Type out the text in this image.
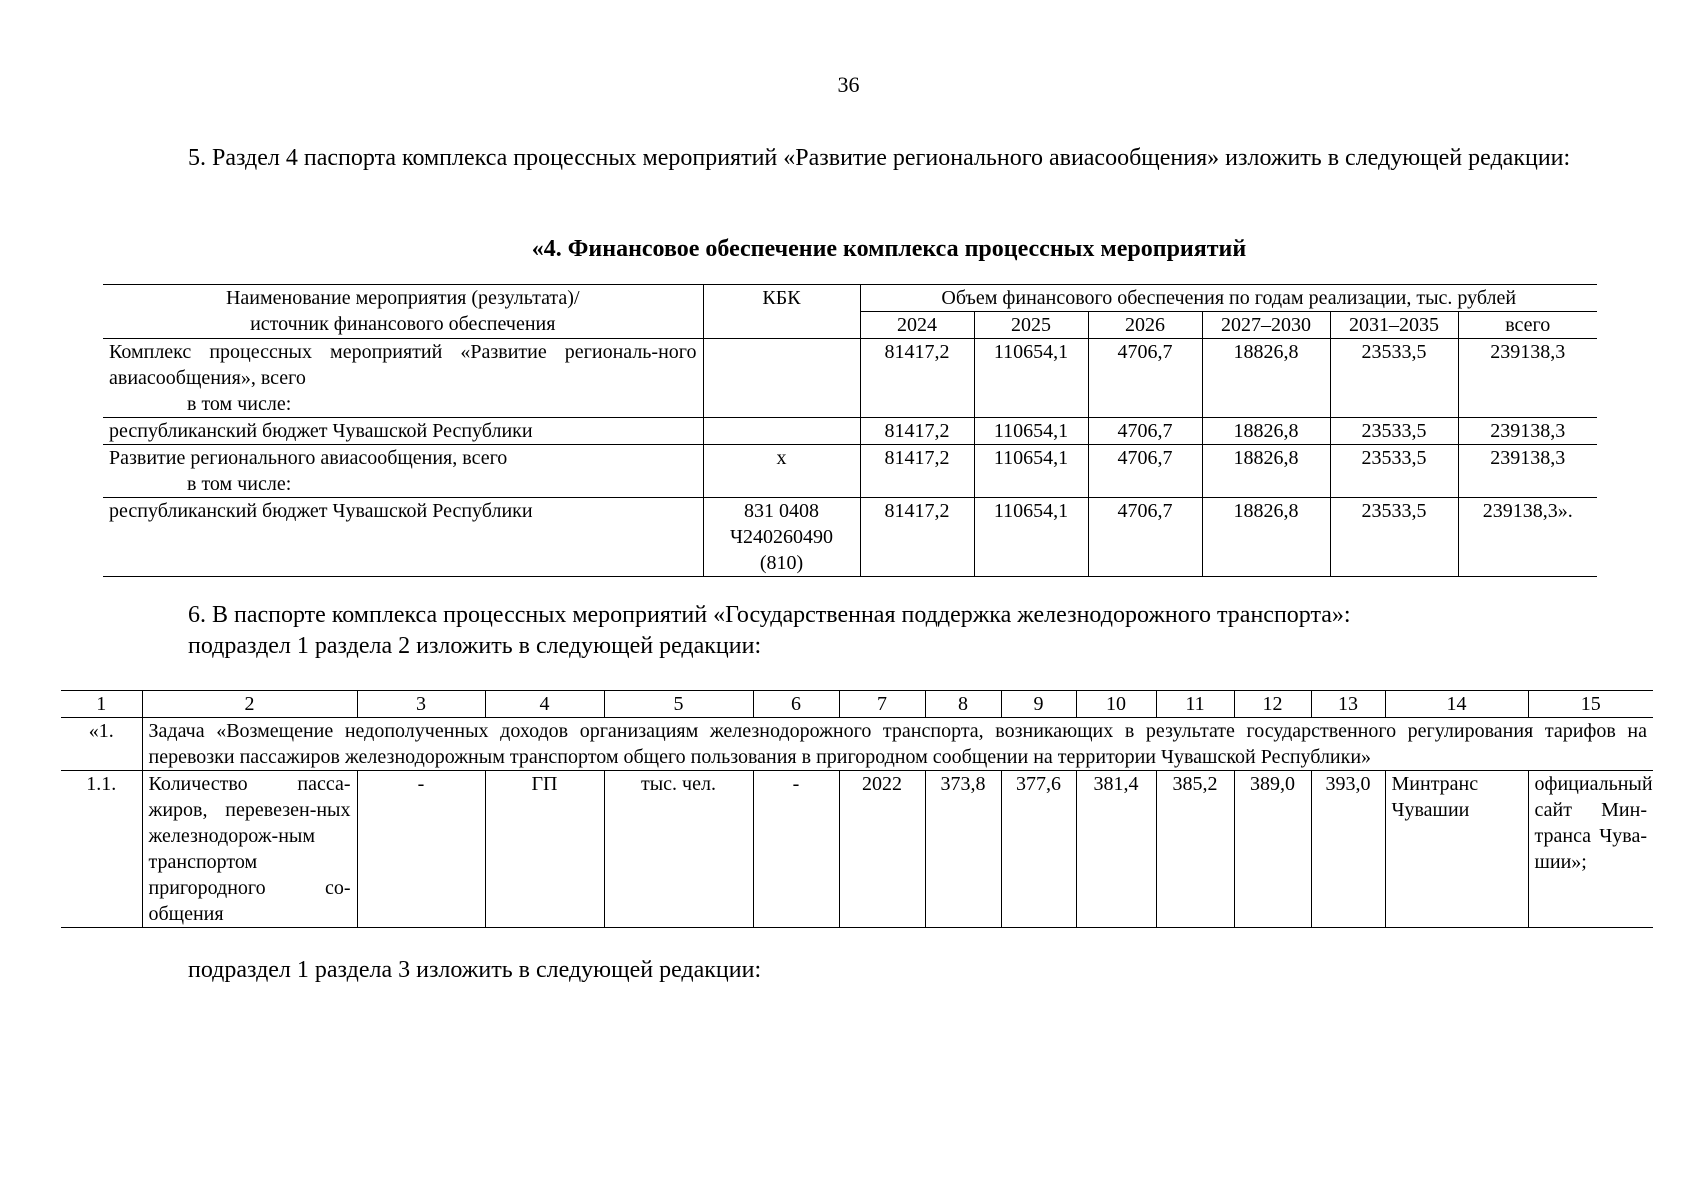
36
5. Раздел 4 паспорта комплекса процессных мероприятий «Развитие регионального авиасообщения» изложить в следующей редакции:
«4. Финансовое обеспечение комплекса процессных мероприятий
Наименование мероприятия (результата)/
источник финансового обеспечения	КБК	Объем финансового обеспечения по годам реализации, тыс. рублей					
		2024	2025	2026	2027–2030	2031–2035	всего

Комплекс процессных мероприятий «Развитие региональ-ного авиасообщения», всего
в том числе:		81417,2	110654,1	4706,7	18826,8	23533,5	239138,3
республиканский бюджет Чувашской Республики		81417,2	110654,1	4706,7	18826,8	23533,5	239138,3

Развитие регионального авиасообщения, всего
в том числе:	х	81417,2	110654,1	4706,7	18826,8	23533,5	239138,3
республиканский бюджет Чувашской Республики	831 0408
Ч240260490
(810)	81417,2	110654,1	4706,7	18826,8	23533,5	239138,3».
6. В паспорте комплекса процессных мероприятий «Государственная поддержка железнодорожного транспорта»:
подраздел 1 раздела 2 изложить в следующей редакции:
1	2	3	4	5	6	7	8	9	10	11	12	13	14	15
«1.	Задача «Возмещение недополученных доходов организациям железнодорожного транспорта, возникающих в результате государственного регулирования тарифов на перевозки пассажиров железнодорожным транспортом общего пользования в пригородном сообщении на территории Чувашской Республики»													
1.1.	Количество пасса-жиров, перевезен-ных железнодорож-ным транспортом пригородного со-общения	-	ГП	тыс. чел.	-	2022	373,8	377,6	381,4	385,2	389,0	393,0	Минтранс Чувашии	официальный сайт Мин-транса Чува-шии»;
подраздел 1 раздела 3 изложить в следующей редакции:
